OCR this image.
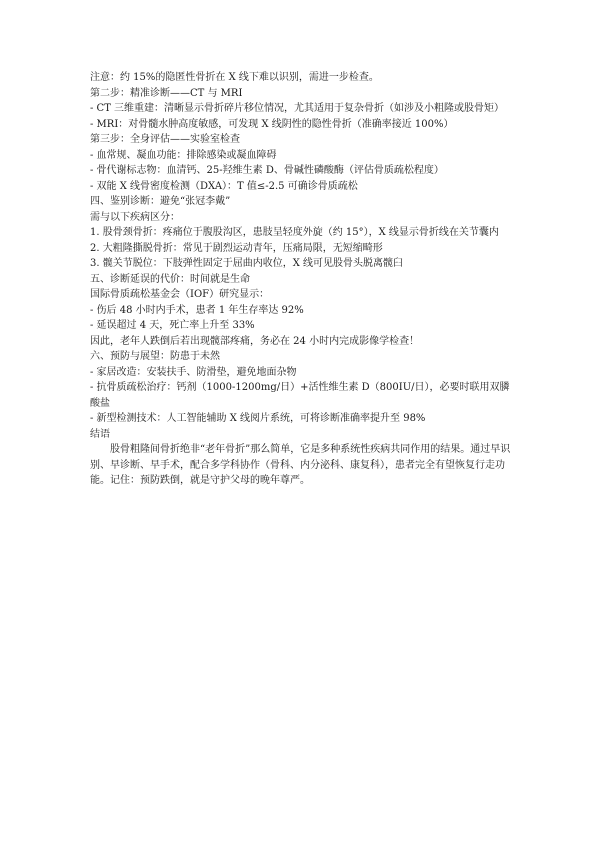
注意：约 15%的隐匿性骨折在 X 线下难以识别，需进一步检查。

第二步：精准诊断——CT 与 MRI

- CT 三维重建：清晰显示骨折碎片移位情况，尤其适用于复杂骨折（如涉及小粗隆或股骨矩）

- MRI：对骨髓水肿高度敏感，可发现 X 线阴性的隐性骨折（准确率接近 100%）

第三步：全身评估——实验室检查

- 血常规、凝血功能：排除感染或凝血障碍

- 骨代谢标志物：血清钙、25-羟维生素 D、骨碱性磷酸酶（评估骨质疏松程度）

- 双能 X 线骨密度检测（DXA）：T 值≤-2.5 可确诊骨质疏松

四、鉴别诊断：避免“张冠李戴”

需与以下疾病区分：

1. 股骨颈骨折：疼痛位于腹股沟区，患肢呈轻度外旋（约 15°），X 线显示骨折线在关节囊内

2. 大粗隆撕脱骨折：常见于剧烈运动青年，压痛局限，无短缩畸形

3. 髋关节脱位：下肢弹性固定于屈曲内收位，X 线可见股骨头脱离髋臼

五、诊断延误的代价：时间就是生命

国际骨质疏松基金会（IOF）研究显示：

- 伤后 48 小时内手术，患者 1 年生存率达 92%

- 延误超过 4 天，死亡率上升至 33%

因此，老年人跌倒后若出现髋部疼痛，务必在 24 小时内完成影像学检查！

六、预防与展望：防患于未然

- 家居改造：安装扶手、防滑垫，避免地面杂物

- 抗骨质疏松治疗：钙剂（1000-1200mg/日）+活性维生素 D（800IU/日），必要时联用双膦酸盐

- 新型检测技术：人工智能辅助 X 线阅片系统，可将诊断准确率提升至 98%

结语

股骨粗隆间骨折绝非“老年骨折”那么简单，它是多种系统性疾病共同作用的结果。通过早识别、早诊断、早手术，配合多学科协作（骨科、内分泌科、康复科），患者完全有望恢复行走功能。记住：预防跌倒，就是守护父母的晚年尊严。
